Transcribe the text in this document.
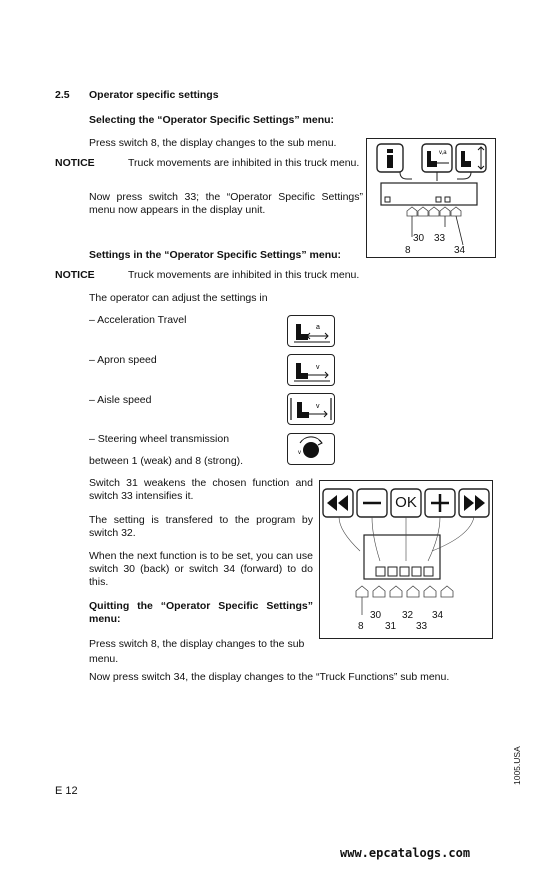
2.5 Operator specific settings
Selecting the “Operator Specific Settings” menu:
Press switch 8, the display changes to the sub menu.
NOTICE	Truck movements are inhibited in this truck menu.
Now press switch 33; the “Operator Specific Settings” menu now appears in the display unit.
v,a
30 33
8	34
Settings in the “Operator Specific Settings” menu:
NOTICE	Truck movements are inhibited in this truck menu.
The operator can adjust the settings in
– Acceleration Travel
a
– Apron speed
v
– Aisle speed
v
– Steering wheel transmission
v
between 1 (weak) and 8 (strong).
Switch 31 weakens the chosen function and switch 33 intensifies it.
The setting is transfered to the program by switch 32.
When the next function is to be set, you can use switch 30 (back) or switch 34 (forward) to do this.
Quitting the “Operator Specific Settings” menu:
Press switch 8, the display changes to the sub menu.
Now press switch 34, the display changes to the “Truck Functions” sub menu.
OK
30 32 34
8 31 33
1005.USA
E 12
www.epcatalogs.com
